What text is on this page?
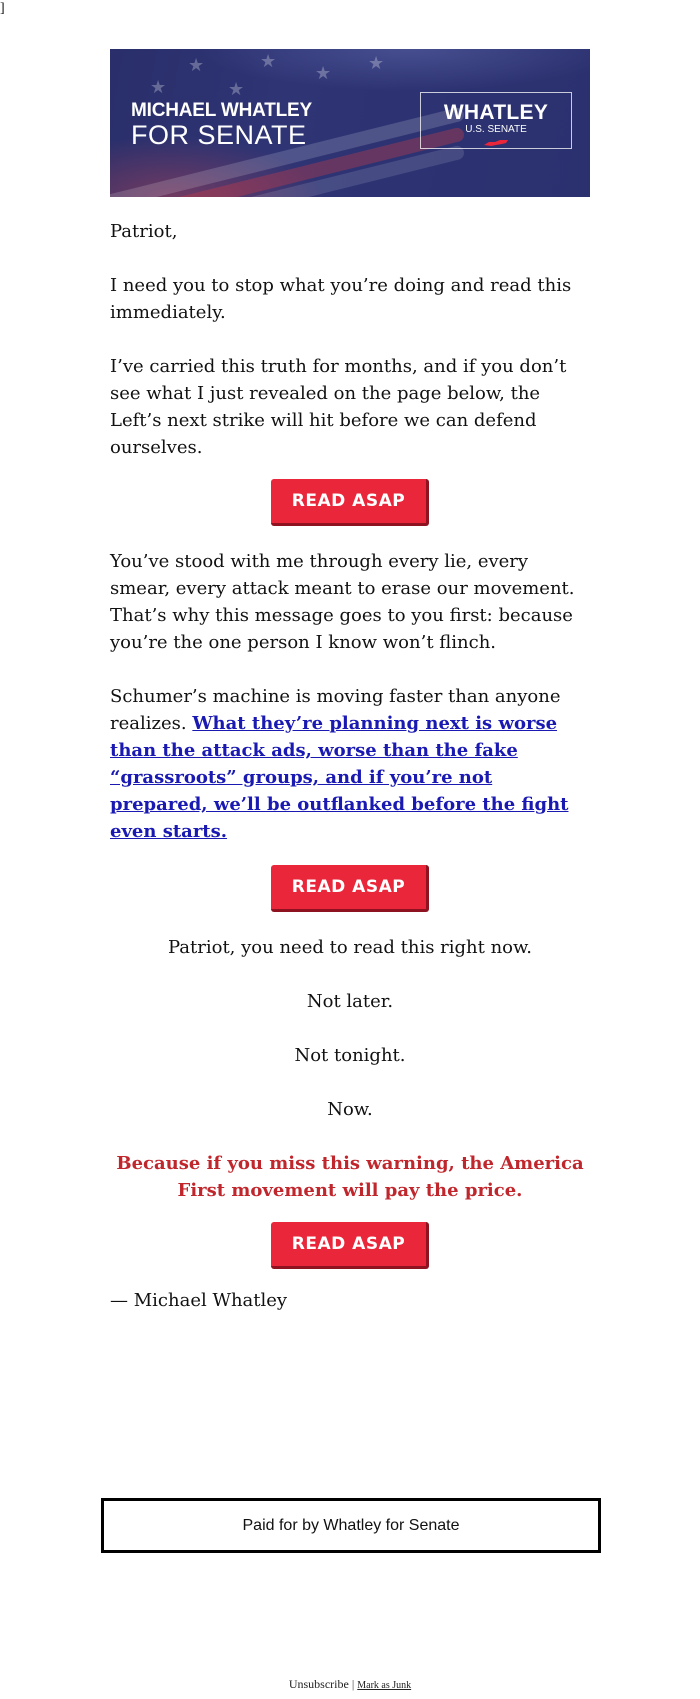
]
★	★
★ ★
★	★
MICHAEL WHATLEY
FOR SENATE
WHATLEY
U.S. SENATE

Patriot,

I need you to stop what you’re doing and read this immediately.

I’ve carried this truth for months, and if you don’t see what I just revealed on the page below, the Left’s next strike will hit before we can defend ourselves.

READ ASAP

You’ve stood with me through every lie, every smear, every attack meant to erase our movement. That’s why this message goes to you first: because you’re the one person I know won’t flinch.

Schumer’s machine is moving faster than anyone realizes. What they’re planning next is worse than the attack ads, worse than the fake “grassroots” groups, and if you’re not prepared, we’ll be outflanked before the fight even starts.

READ ASAP

Patriot, you need to read this right now.

Not later.

Not tonight.

Now.

Because if you miss this warning, the America First movement will pay the price.

READ ASAP

— Michael Whatley

Paid for by Whatley for Senate
Unsubscribe | Mark as Junk
